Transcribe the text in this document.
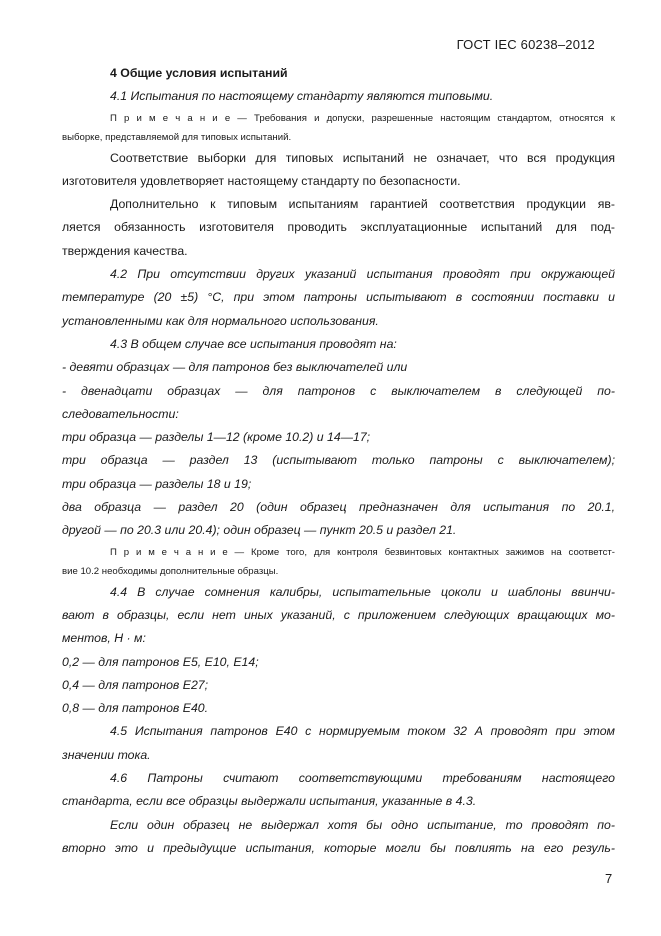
ГОСТ IEC 60238–2012
4 Общие условия испытаний
4.1 Испытания по настоящему стандарту являются типовыми.
П р и м е ч а н и е — Требования и допуски, разрешенные настоящим стандартом, относятся к
выборке, представляемой для типовых испытаний.
Соответствие выборки для типовых испытаний не означает, что вся продукция
изготовителя удовлетворяет настоящему стандарту по безопасности.
Дополнительно к типовым испытаниям гарантией соответствия продукции яв-
ляется обязанность изготовителя проводить эксплуатационные испытаний для под-
тверждения качества.
4.2 При отсутствии других указаний испытания проводят при окружающей
температуре (20 ±5) °С, при этом патроны испытывают в состоянии поставки и
установленными как для нормального использования.
4.3 В общем случае все испытания проводят на:
- девяти образцах — для патронов без выключателей или
- двенадцати образцах — для патронов с выключателем в следующей по-
следовательности:
три образца — разделы 1—12 (кроме 10.2) и 14—17;
три образца — раздел 13 (испытывают только патроны с выключателем);
три образца — разделы 18 и 19;
два образца — раздел 20 (один образец предназначен для испытания по 20.1,
другой — по 20.3 или 20.4); один образец — пункт 20.5 и раздел 21.
П р и м е ч а н и е — Кроме того, для контроля безвинтовых контактных зажимов на соответст-
вие 10.2 необходимы дополнительные образцы.
4.4 В случае сомнения калибры, испытательные цоколи и шаблоны ввинчи-
вают в образцы, если нет иных указаний, с приложением следующих вращающих мо-
ментов, Н · м:
0,2 — для патронов Е5, Е10, Е14;
0,4 — для патронов Е27;
0,8 — для патронов Е40.
4.5 Испытания патронов Е40 с нормируемым током 32 А проводят при этом
значении тока.
4.6 Патроны считают соответствующими требованиям настоящего
стандарта, если все образцы выдержали испытания, указанные в 4.3.
Если один образец не выдержал хотя бы одно испытание, то проводят по-
вторно это и предыдущие испытания, которые могли бы повлиять на его резуль-
7
